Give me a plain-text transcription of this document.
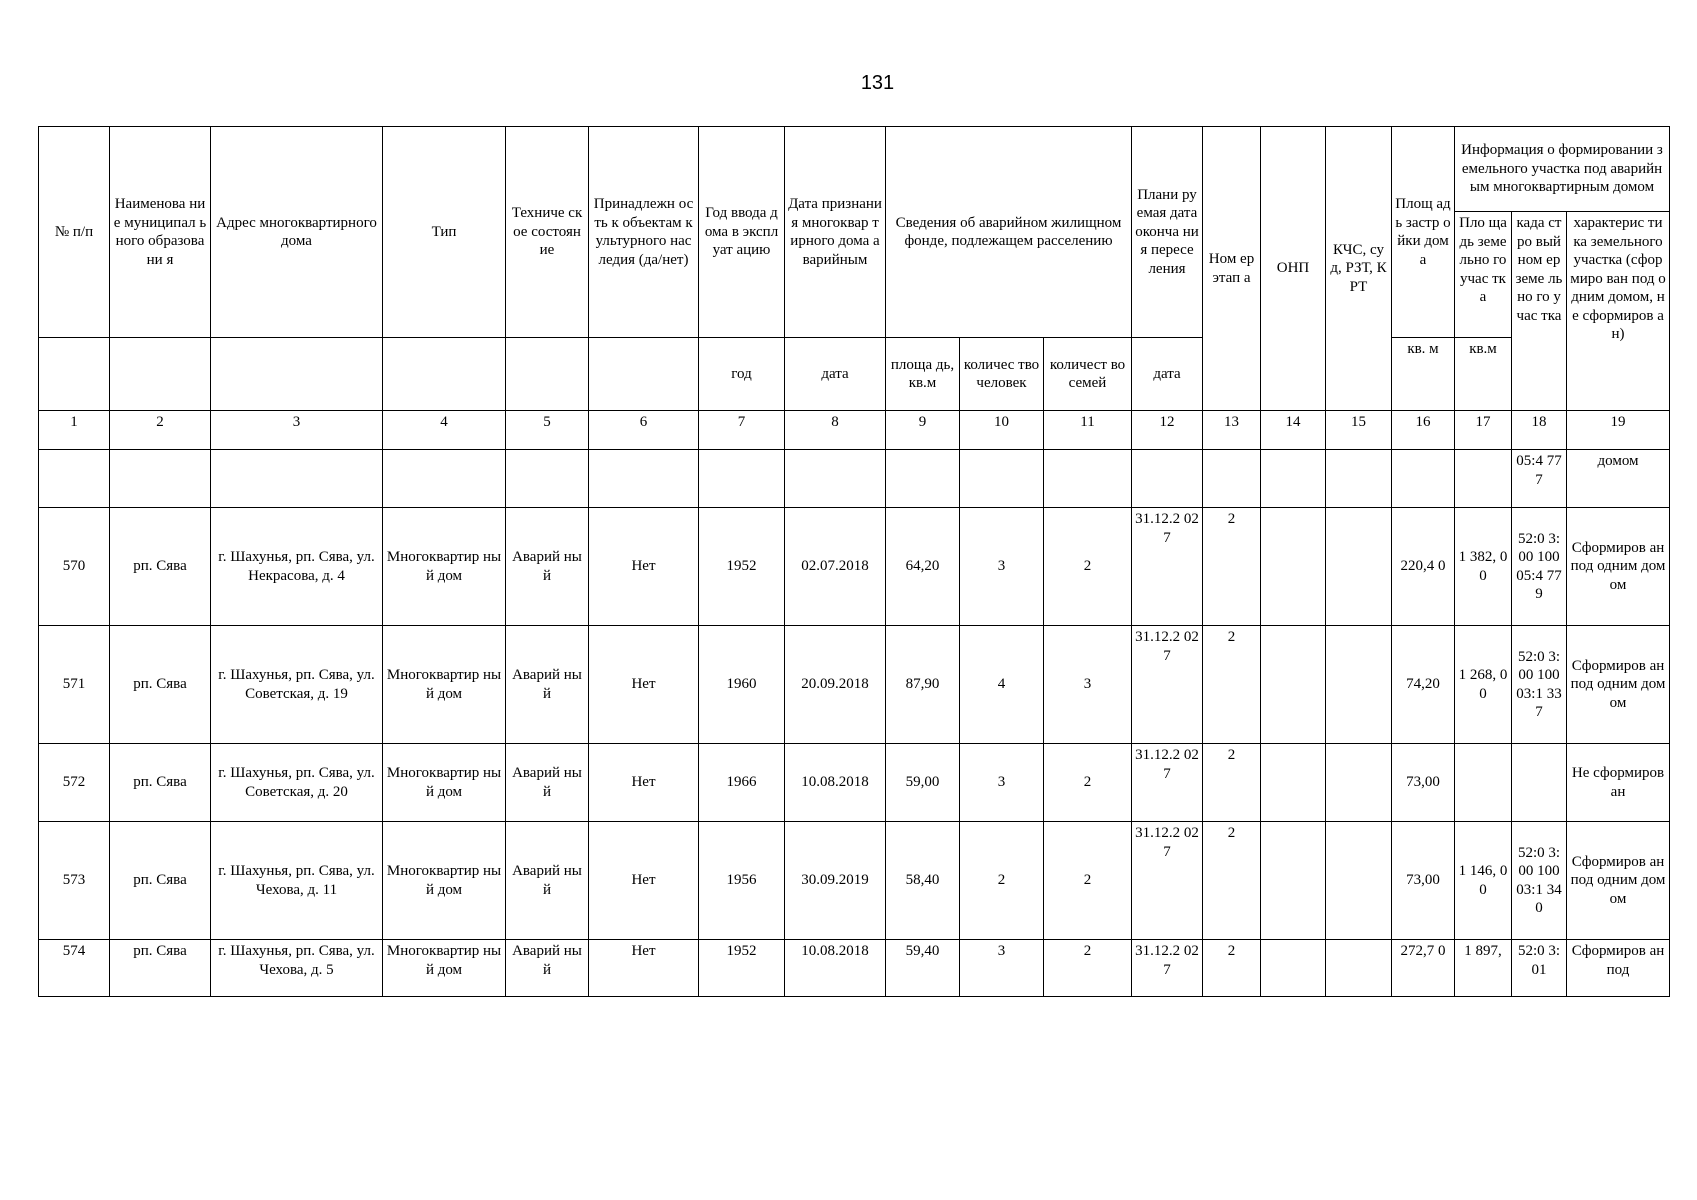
131
№ п/п	Наименова ние муниципал ьного образовани я	Адрес многоквартирного дома	Тип	Техниче ское состоян ие	Принадлежн ость к объектам культурного наследия (да/нет)	Год ввода дома в эксплуат ацию	Дата признания многоквар тирного дома аварийным	Сведения об аварийном жилищном фонде, подлежащем расселению			Плани руемая дата оконча ния пересе ления	Ном ер этап а	ОНП	КЧС, суд, РЗТ, КРТ	Площ адь застр ойки дома	Информация о формировании земельного участка под аварийным многоквартирным домом		
																Пло щадь земе льно го учас тка	када стро вый ном ер земе льно го учас тка	характерис тика земельного участка (сформиро ван под одним домом, не сформиров ан)
						год	дата	площа дь, кв.м	количес тво человек	количест во семей	дата				кв. м	кв.м		

1	2	3	4	5	6	7	8	9	10	11	12	13	14	15	16	17	18	19
																	05:4 777	домом
570	рп. Сява	г. Шахунья, рп. Сява, ул. Некрасова, д. 4	Многоквартир ный дом	Аварий ный	Нет	1952	02.07.2018	64,20	3	2	31.12.2 027	2			220,4 0	1 382, 00	52:0 3:00 100 05:4 779	Сформиров ан под одним домом
571	рп. Сява	г. Шахунья, рп. Сява, ул. Советская, д. 19	Многоквартир ный дом	Аварий ный	Нет	1960	20.09.2018	87,90	4	3	31.12.2 027	2			74,20	1 268, 00	52:0 3:00 100 03:1 337	Сформиров ан под одним домом
572	рп. Сява	г. Шахунья, рп. Сява, ул. Советская, д. 20	Многоквартир ный дом	Аварий ный	Нет	1966	10.08.2018	59,00	3	2	31.12.2 027	2			73,00			Не сформиров ан
573	рп. Сява	г. Шахунья, рп. Сява, ул. Чехова, д. 11	Многоквартир ный дом	Аварий ный	Нет	1956	30.09.2019	58,40	2	2	31.12.2 027	2			73,00	1 146, 00	52:0 3:00 100 03:1 340	Сформиров ан под одним домом
574	рп. Сява	г. Шахунья, рп. Сява, ул. Чехова, д. 5	Многоквартир ный дом	Аварий ный	Нет	1952	10.08.2018	59,40	3	2	31.12.2 027	2			272,7 0	1 897,	52:0 3:01	Сформиров ан под
